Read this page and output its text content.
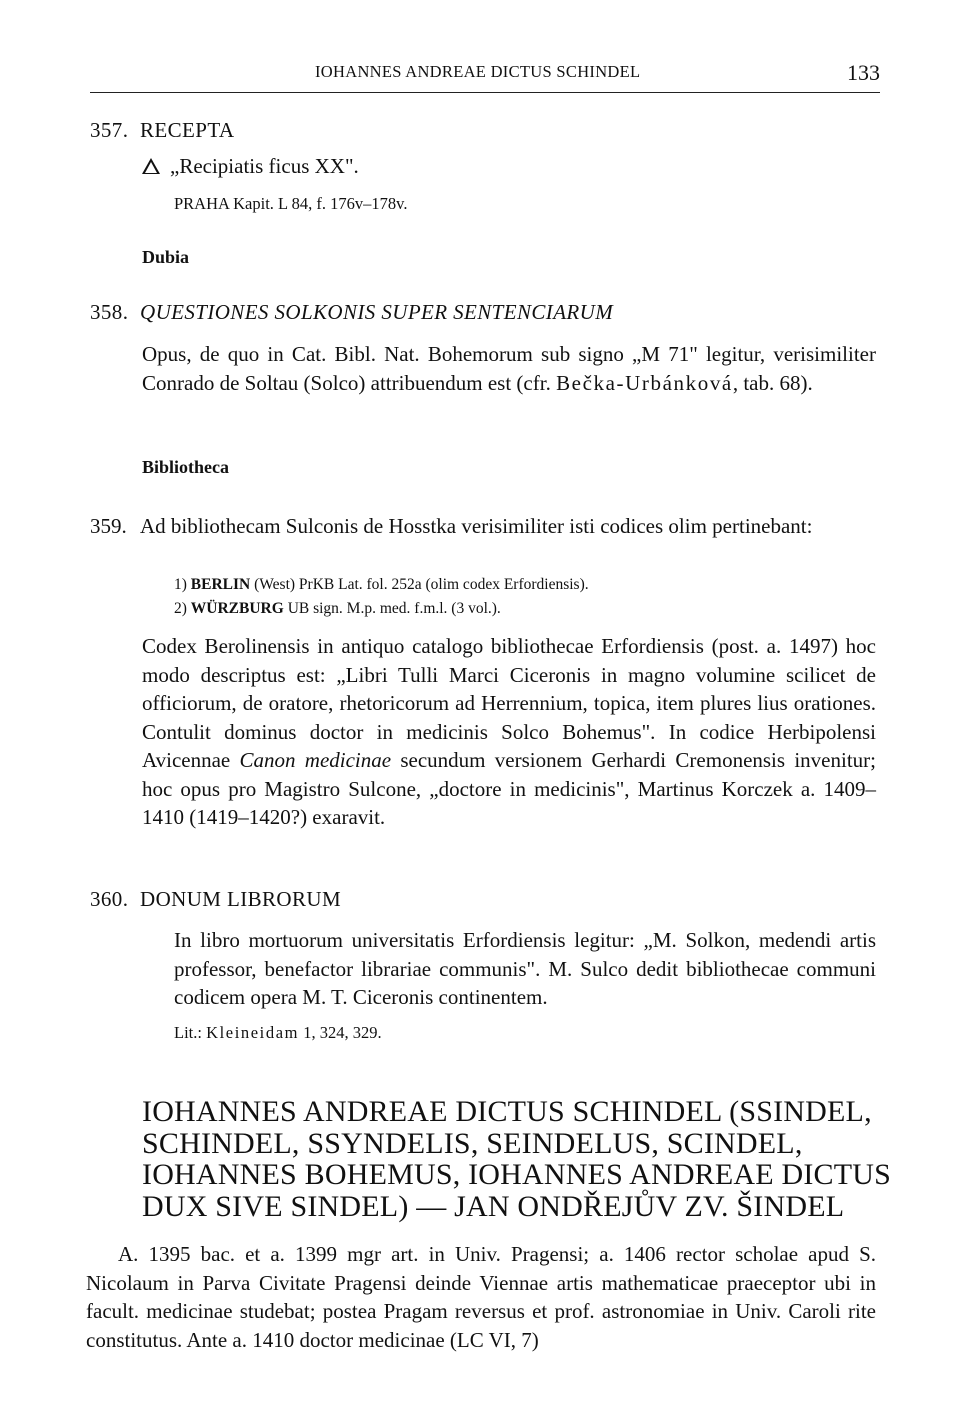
IOHANNES ANDREAE DICTUS SCHINDEL	133
357. RECEPTA
„Recipiatis ficus XX".
PRAHA Kapit. L 84, f. 176v–178v.
Dubia
358. QUESTIONES SOLKONIS SUPER SENTENCIARUM
Opus, de quo in Cat. Bibl. Nat. Bohemorum sub signo „M 71" legitur, verisimiliter Conrado de Soltau (Solco) attribuendum est (cfr. Bečka-Urbánková, tab. 68).
Bibliotheca
359. Ad bibliothecam Sulconis de Hosstka verisimiliter isti codices olim pertinebant:
1) BERLIN (West) PrKB Lat. fol. 252a (olim codex Erfordiensis).
2) WÜRZBURG UB sign. M.p. med. f.m.l. (3 vol.).
Codex Berolinensis in antiquo catalogo bibliothecae Erfordiensis (post. a. 1497) hoc modo descriptus est: „Libri Tulli Marci Ciceronis in magno volumine scilicet de officiorum, de oratore, rhetoricorum ad Herrennium, topica, item plures lius orationes. Contulit dominus doctor in medicinis Solco Bohemus". In codice Herbipolensi Avicennae Canon medicinae secundum versionem Gerhardi Cremonensis invenitur; hoc opus pro Magistro Sulcone, „doctore in medicinis", Martinus Korczek a. 1409–1410 (1419–1420?) exaravit.
360. DONUM LIBRORUM
In libro mortuorum universitatis Erfordiensis legitur: „M. Solkon, medendi artis professor, benefactor librariae communis". M. Sulco dedit bibliothecae communi codicem opera M. T. Ciceronis continentem.
Lit.: Kleineidam 1, 324, 329.
IOHANNES ANDREAE DICTUS SCHINDEL (SSINDEL,
SCHINDEL, SSYNDELIS, SEINDELUS, SCINDEL,
IOHANNES BOHEMUS, IOHANNES ANDREAE DICTUS
DUX SIVE SINDEL) — JAN ONDŘEJŮV ZV. ŠINDEL
A. 1395 bac. et a. 1399 mgr art. in Univ. Pragensi; a. 1406 rector scholae apud S. Nicolaum in Parva Civitate Pragensi deinde Viennae artis mathematicae praeceptor ubi in facult. medicinae studebat; postea Pragam reversus et prof. astronomiae in Univ. Caroli rite constitutus. Ante a. 1410 doctor medicinae (LC VI, 7)
